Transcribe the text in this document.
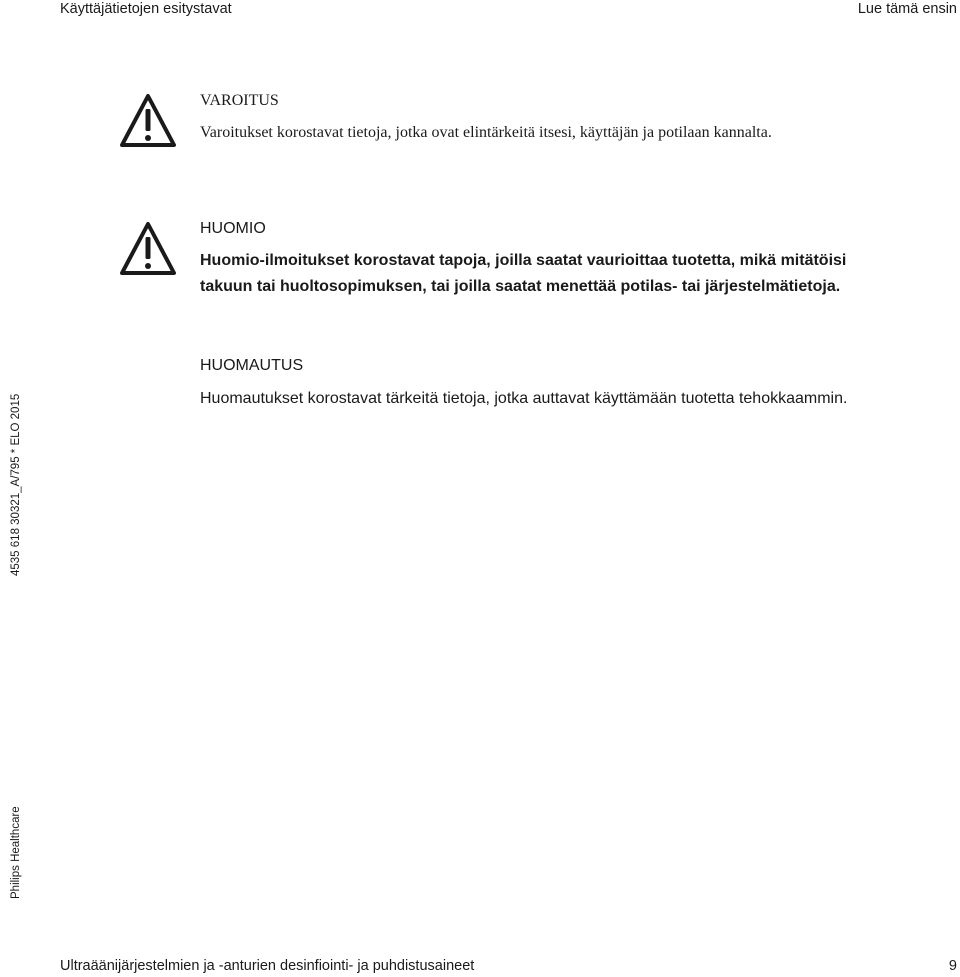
Käyttäjätietojen esitystavat	Lue tämä ensin
4535 618 30321_A/795 * ELO 2015
Philips Healthcare
VAROITUS
Varoitukset korostavat tietoja, jotka ovat elintärkeitä itsesi, käyttäjän ja potilaan kannalta.
HUOMIO
Huomio-ilmoitukset korostavat tapoja, joilla saatat vaurioittaa tuotetta, mikä mitätöisi
takuun tai huoltosopimuksen, tai joilla saatat menettää potilas- tai järjestelmätietoja.
HUOMAUTUS
Huomautukset korostavat tärkeitä tietoja, jotka auttavat käyttämään tuotetta tehokkaammin.
Ultraäänijärjestelmien ja -anturien desinfiointi- ja puhdistusaineet	9
